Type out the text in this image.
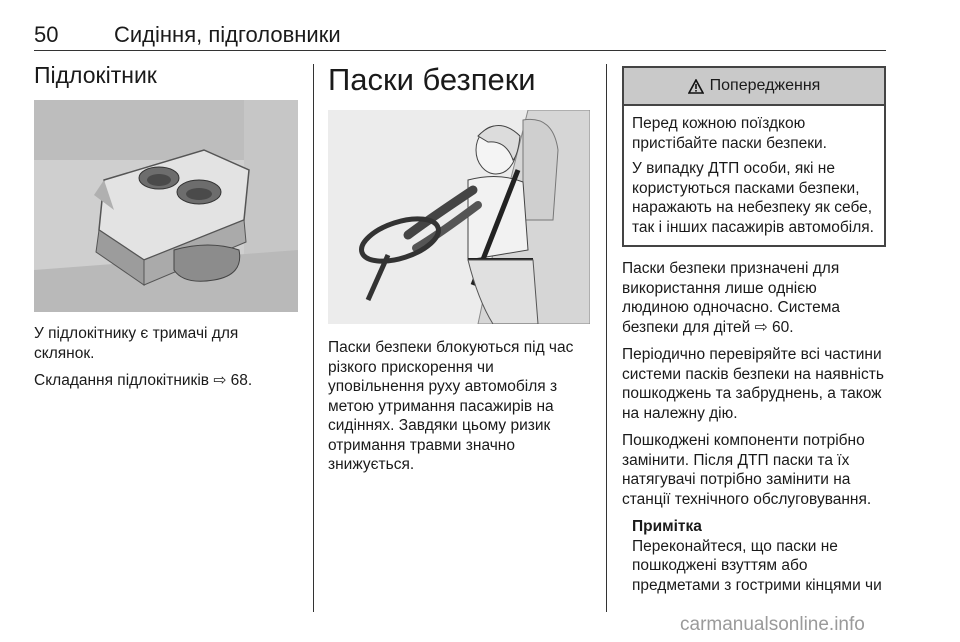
50	Сидіння, підголовники
Підлокітник

У підлокітнику є тримачі для склянок.

Складання підлокітників ⇨ 68.

Паски безпеки

Паски безпеки блокуються під час різкого прискорення чи уповільнення руху автомобіля з метою утримання пасажирів на сидіннях. Завдяки цьому ризик отримання травми значно знижується.

Попередження

Перед кожною поїздкою пристібайте паски безпеки.

У випадку ДТП особи, які не користуються пасками безпеки, наражають на небезпеку як себе, так і інших пасажирів автомобіля.

Паски безпеки призначені для використання лише однією людиною одночасно. Система безпеки для дітей ⇨ 60.

Періодично перевіряйте всі частини системи пасків безпеки на наявність пошкоджень та забруднень, а також на належну дію.

Пошкоджені компоненти потрібно замінити. Після ДТП паски та їх натягувачі потрібно замінити на станції технічного обслуговування.

Примітка

Переконайтеся, що паски не пошкоджені взуттям або предметами з гострими кінцями чи

carmanualsonline.info
